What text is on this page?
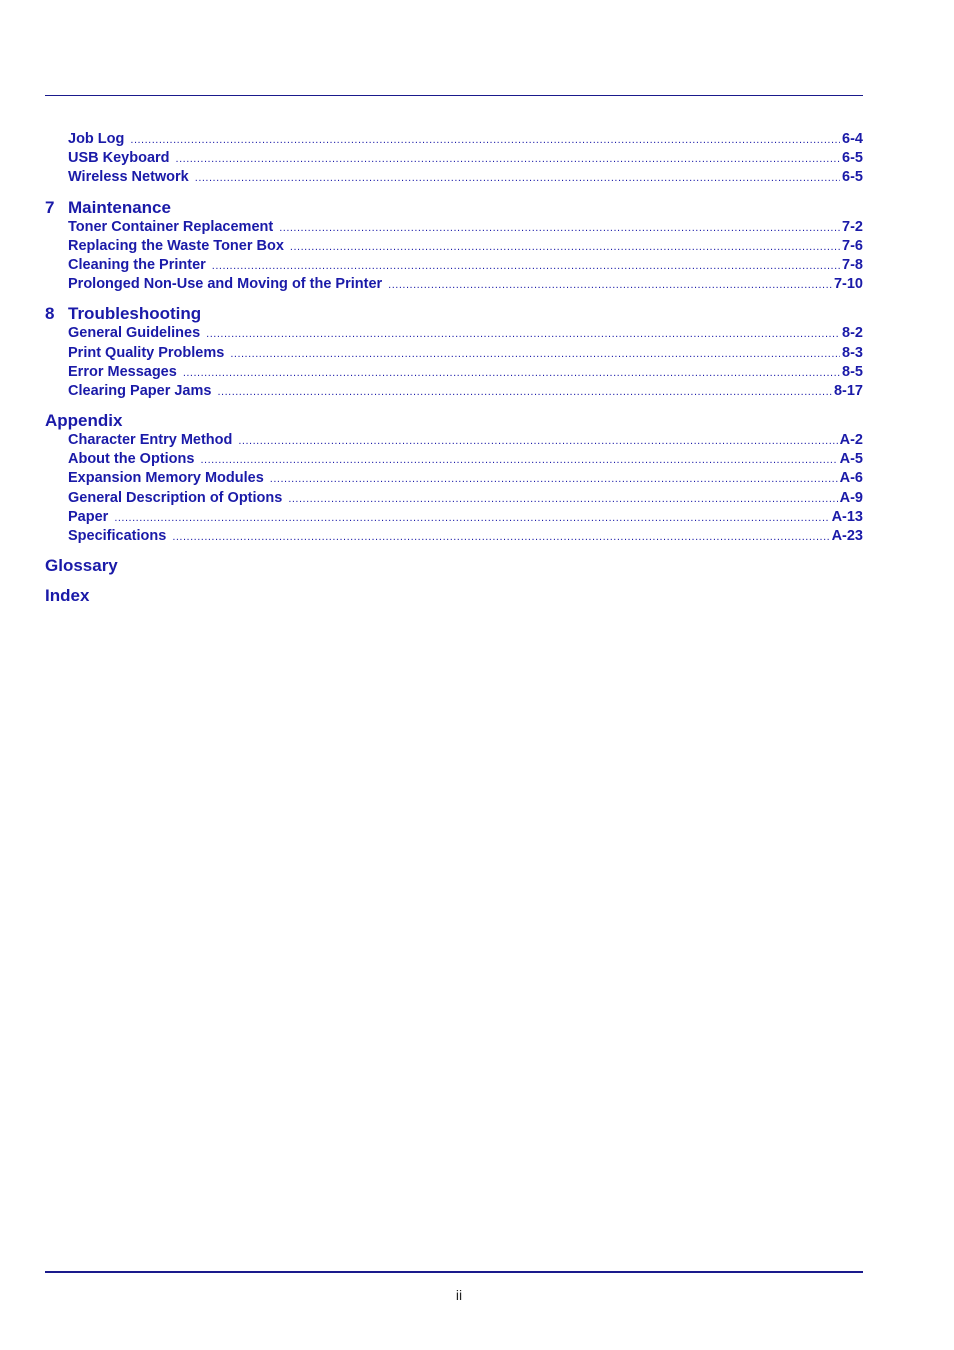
Job Log .....	6-4
USB Keyboard .....	6-5
Wireless Network .....	6-5
7 Maintenance
Toner Container Replacement .....	7-2
Replacing the Waste Toner Box .....	7-6
Cleaning the Printer .....	7-8
Prolonged Non-Use and Moving of the Printer .....	7-10
8 Troubleshooting
General Guidelines .....	8-2
Print Quality Problems .....	8-3
Error Messages .....	8-5
Clearing Paper Jams .....	8-17
Appendix
Character Entry Method .....	A-2
About the Options .....	A-5
Expansion Memory Modules .....	A-6
General Description of Options .....	A-9
Paper .....	A-13
Specifications .....	A-23
Glossary
Index
ii
